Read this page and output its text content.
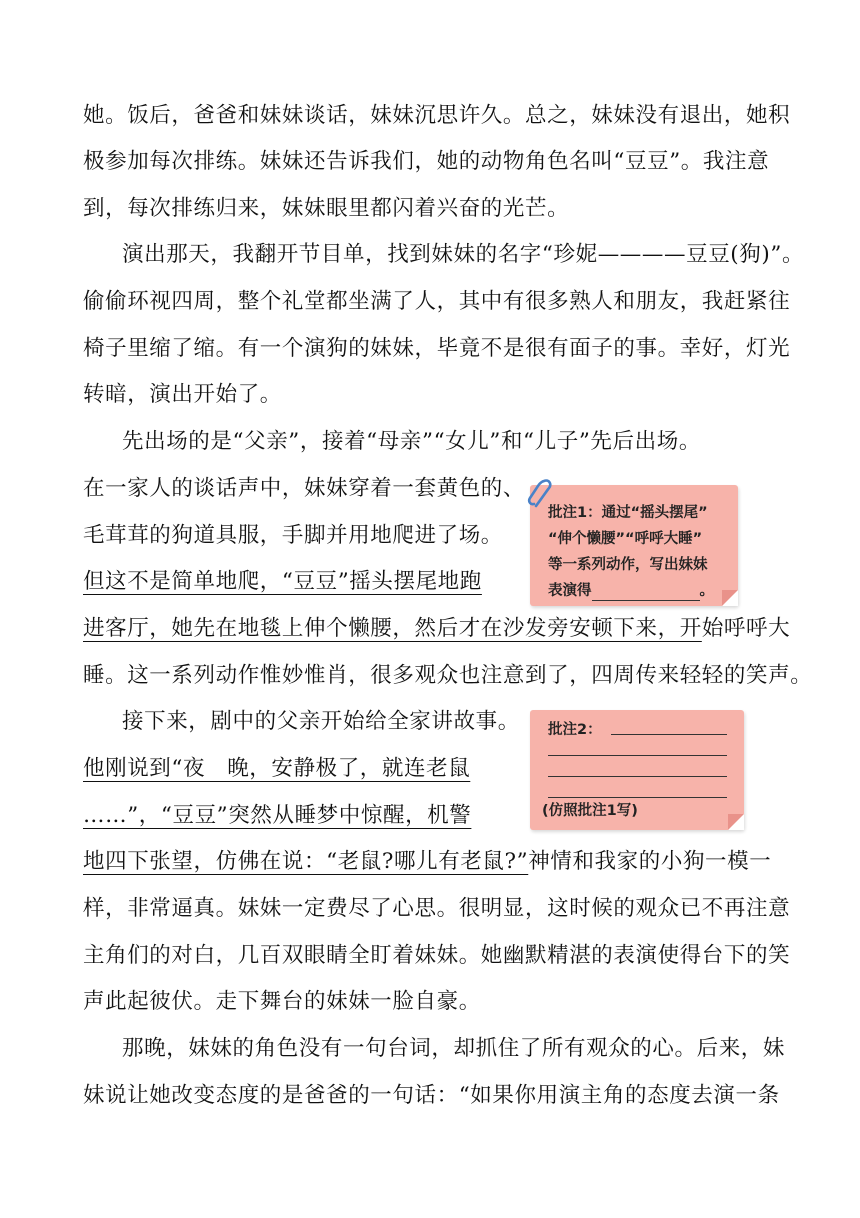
她。饭后，爸爸和妹妹谈话，妹妹沉思许久。总之，妹妹没有退出，她积
极参加每次排练。妹妹还告诉我们，她的动物角色名叫“豆豆”。我注意
到，每次排练归来，妹妹眼里都闪着兴奋的光芒。
演出那天，我翻开节目单，找到妹妹的名字“珍妮————豆豆(狗)”。
偷偷环视四周，整个礼堂都坐满了人，其中有很多熟人和朋友，我赶紧往
椅子里缩了缩。有一个演狗的妹妹，毕竟不是很有面子的事。幸好，灯光
转暗，演出开始了。
先出场的是“父亲”，接着“母亲”“女儿”和“儿子”先后出场。
在一家人的谈话声中，妹妹穿着一套黄色的、
毛茸茸的狗道具服，手脚并用地爬进了场。
但这不是简单地爬，“豆豆”摇头摆尾地跑
进客厅，她先在地毯上伸个懒腰，然后才在沙发旁安顿下来，开始呼呼大
睡。这一系列动作惟妙惟肖，很多观众也注意到了，四周传来轻轻的笑声。
接下来，剧中的父亲开始给全家讲故事。
他刚说到“夜　晚，安静极了，就连老鼠
……”，“豆豆”突然从睡梦中惊醒，机警
地四下张望，仿佛在说：“老鼠?哪儿有老鼠?”神情和我家的小狗一模一
样，非常逼真。妹妹一定费尽了心思。很明显，这时候的观众已不再注意
主角们的对白，几百双眼睛全盯着妹妹。她幽默精湛的表演使得台下的笑
声此起彼伏。走下舞台的妹妹一脸自豪。
那晚，妹妹的角色没有一句台词，却抓住了所有观众的心。后来，妹
妹说让她改变态度的是爸爸的一句话：“如果你用演主角的态度去演一条
批注1：通过“摇头摆尾”
“伸个懒腰”“呼呼大睡”
等一系列动作，写出妹妹
表演得	。
批注2：
(仿照批注1写)
